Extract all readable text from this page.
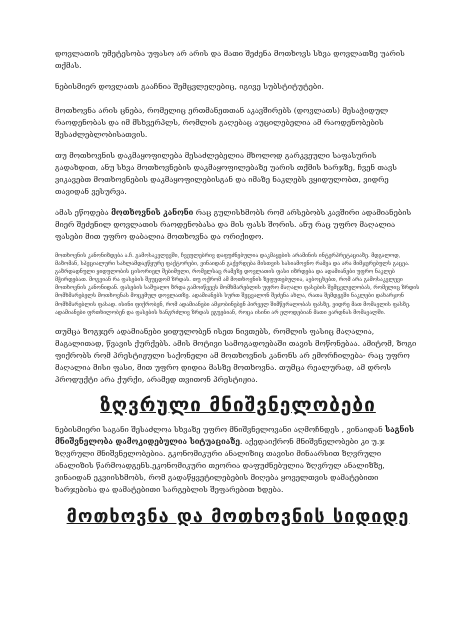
დოვლათის უმეტესობა უფასო არ არის და მათი შეძენა მოთხოვს სხვა დოვლათზე უარის თქმას.

ნებისმიერ დოვლათს გააჩნია შემცვლელებიც, იგივე სუბსტიტუტები.

მოთხოვნა არის ცნება, რომელიც ერთმანეთთან აკავშირებს (დოვლათს) მესაჭიდულ რაოდენობას და იმ მსხვერპლს, რომლის გაღებაც აუცილებელია ამ რაოდენობების შესაძლებლობისათვის.

თუ მოთხოვნის დაკმაყოფილება მესაძლებელია მხოლოდ გარკვეული საფასურის გადახდით, ანუ სხვა მოთხოვნების დაკმაყოფილებაზე უარის თქმის ხარჯზე, ჩვენ თავს ვიკავებთ მოთხოვნების დაკმაყოფილებისგან და იმაზე ნაკლებს ვყიდულობთ, ვიდრე თავიდან ვესურვა.

ამას ეწოდება მოთხოვნის კანონი რაც გულისხმობს რომ არსებობს კავშირი ადამიანების მიერ შეძენილ დოვლათის რაოდენობასა და მის ფასს შორის. ანუ რაც უფრო მაღალია ფასები მით უფრო დაბალია მოთხოვნა და ორიქიდო.

მოთხოვნის კანონიზდება ა.ჩ. გამოსაკვლევში, ჩვეულებრივ დაფუძნებულია დაკმაყების არამინის ინტერპრეტაციაზე. მდგალოდ, მაზომან, სპეციალური სახლამდაეწყურე ფაქტორები, ვინაიდან გაქვრდება მისთვის სასიამოვნო რამეა და არა მიმჯერებულს გაცეა. გაზრდადნული ყიდულობის ცისორიელ შებიმული, რომელსაც რამეზე დოვლათის ფასი იზრდება და ადამიანები უფრო ნაკლებ მჭირდებათ. მოგვიან რა ფასების შეუცდომ ზრდას. თუ ოქრომ ამ მოთხოვნის ზეფუთებულია, ავბოცხებთ, რომ არა გამოსაკვლევი მოთხოვნის კანონიდან. ფასების საშუალო ზრდა გამოიწვევს მომხმარებლის უფრო მაღალი ფასების შემცვლელობას, რომელიც ზრდის მომხმარებელს მოთხოვნას მოცემულ დოვლათზე. ადამიანებს სურთ შეცვალონ შეძენა ახლა, რათა შემდეგში ნაკლები დახარჯონ მომხმარებლის ფასად. ისინი ფიქრობენ, რომ ადამიანები ამჯობინებენ პირველ შიმწერალობას ფასზე, ვიდრე მათ მომავლის ფასზე. ადამიანები ფრთხილობენ და ფასების ხანგრძლივ ზრდას ეგუებიან, როცა ისინი არ ელოდებიან მათი ვარდნას მომავალში.

თუმცა ზოგჯერ ადამიანები ყიდულობენ ისეთ ნივთებს, რომლის ფასიც მაღალია, მაგალითად, წვავის ქურქებს. ამის მოტივი სამოგადოებაში თავის მოწონებაა. ამიტომ, ზოგი ფიქრობს რომ პრესტიჟული საქონელი ამ მოთხოვნის კანონს არ ემორჩილება- რაც უფრო მაღალია მისი ფასი, მით უფრო დიდია მასზე მოთხოვნა. თუმცა რეალურად, ამ დროს პროდუქტი არა ქურქი, არამედ თვითონ პრესტიჟია.

ზღვრული მნიშვნელობები

ნებისმიერი საგანი შესაძლოა სხვაზე უფრო მნიშვნელოვანი აღმოჩნდეს , ვინაიდან საგნის მნიშვნელობა დამოკიდებულია სიტუაციაზე. აქედაიქრონ მნიშვნელობები კი უ.ჯ ზღვრული მნიშვნელობებია. გკონომიკური ანალიზიც თავისი მინაარსით ზღვრული ანალიზის წარმოადგენს.ეკონომიკური თეორია დაფუძნებულია ზღვრულ ანალიზზე, ვინაიდან ეკვიისხმობს, რომ გადაწყვეტილებების მიღება ყოველთვის დამატებითი ხარჯებისა და დამატებითი სარგებლის შეფარებით ხდება.

მოთხოვნა და მოთხოვნის სიდიდე
